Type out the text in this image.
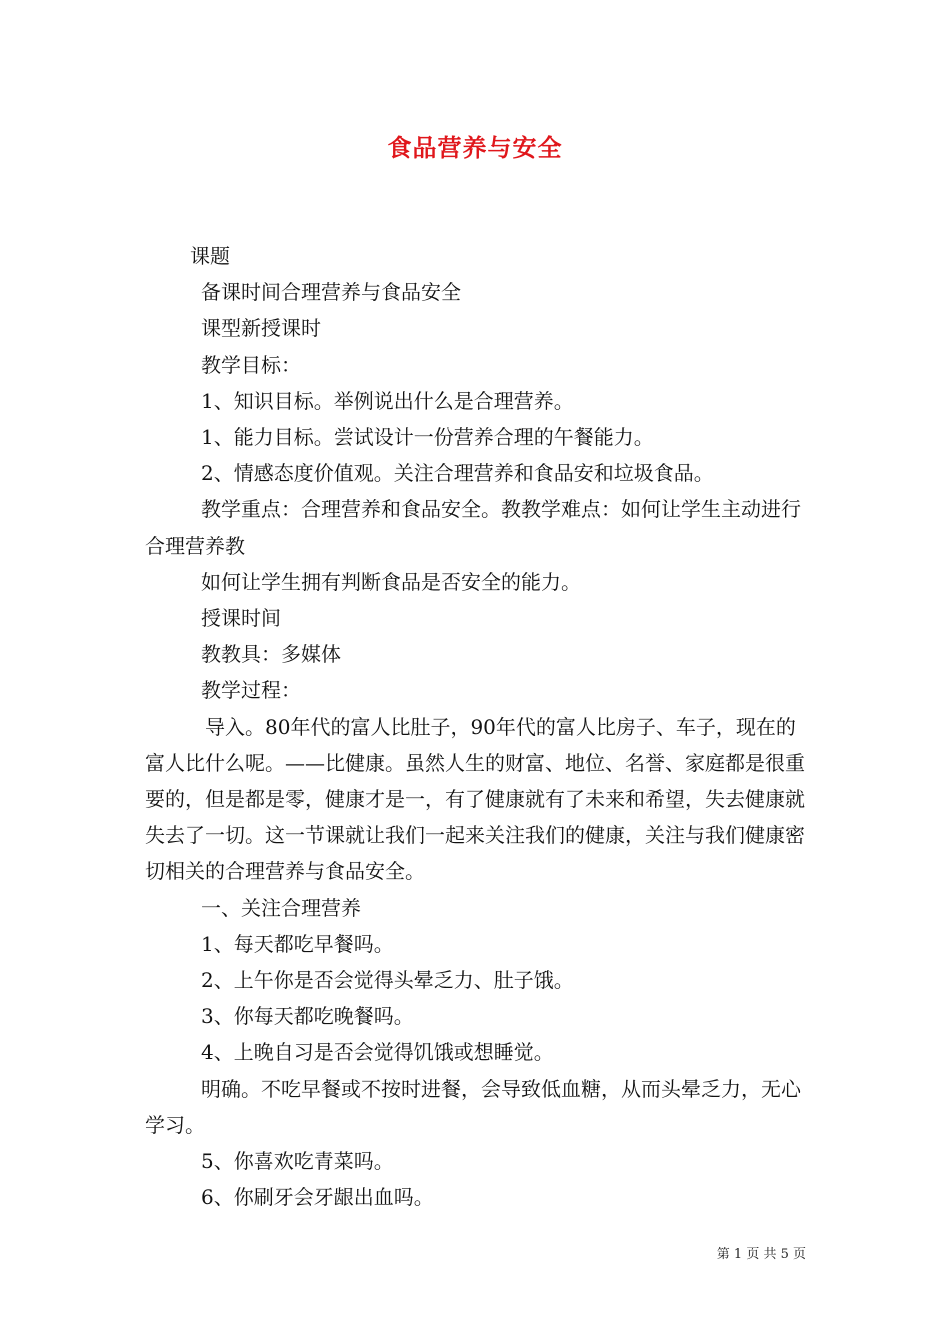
食品营养与安全

课题

备课时间合理营养与食品安全

课型新授课时

教学目标：

1、知识目标。举例说出什么是合理营养。

1、能力目标。尝试设计一份营养合理的午餐能力。

2、情感态度价值观。关注合理营养和食品安和垃圾食品。

教学重点：合理营养和食品安全。教教学难点：如何让学生主动进行合理营养教

如何让学生拥有判断食品是否安全的能力。

授课时间

教教具：多媒体

教学过程：

导入。80年代的富人比肚子，90年代的富人比房子、车子，现在的富人比什么呢。——比健康。虽然人生的财富、地位、名誉、家庭都是很重要的，但是都是零，健康才是一，有了健康就有了未来和希望，失去健康就失去了一切。这一节课就让我们一起来关注我们的健康，关注与我们健康密切相关的合理营养与食品安全。

一、关注合理营养

1、每天都吃早餐吗。

2、上午你是否会觉得头晕乏力、肚子饿。

3、你每天都吃晚餐吗。

4、上晚自习是否会觉得饥饿或想睡觉。

明确。不吃早餐或不按时进餐，会导致低血糖，从而头晕乏力，无心学习。

5、你喜欢吃青菜吗。

6、你刷牙会牙龈出血吗。

第 1 页 共 5 页
